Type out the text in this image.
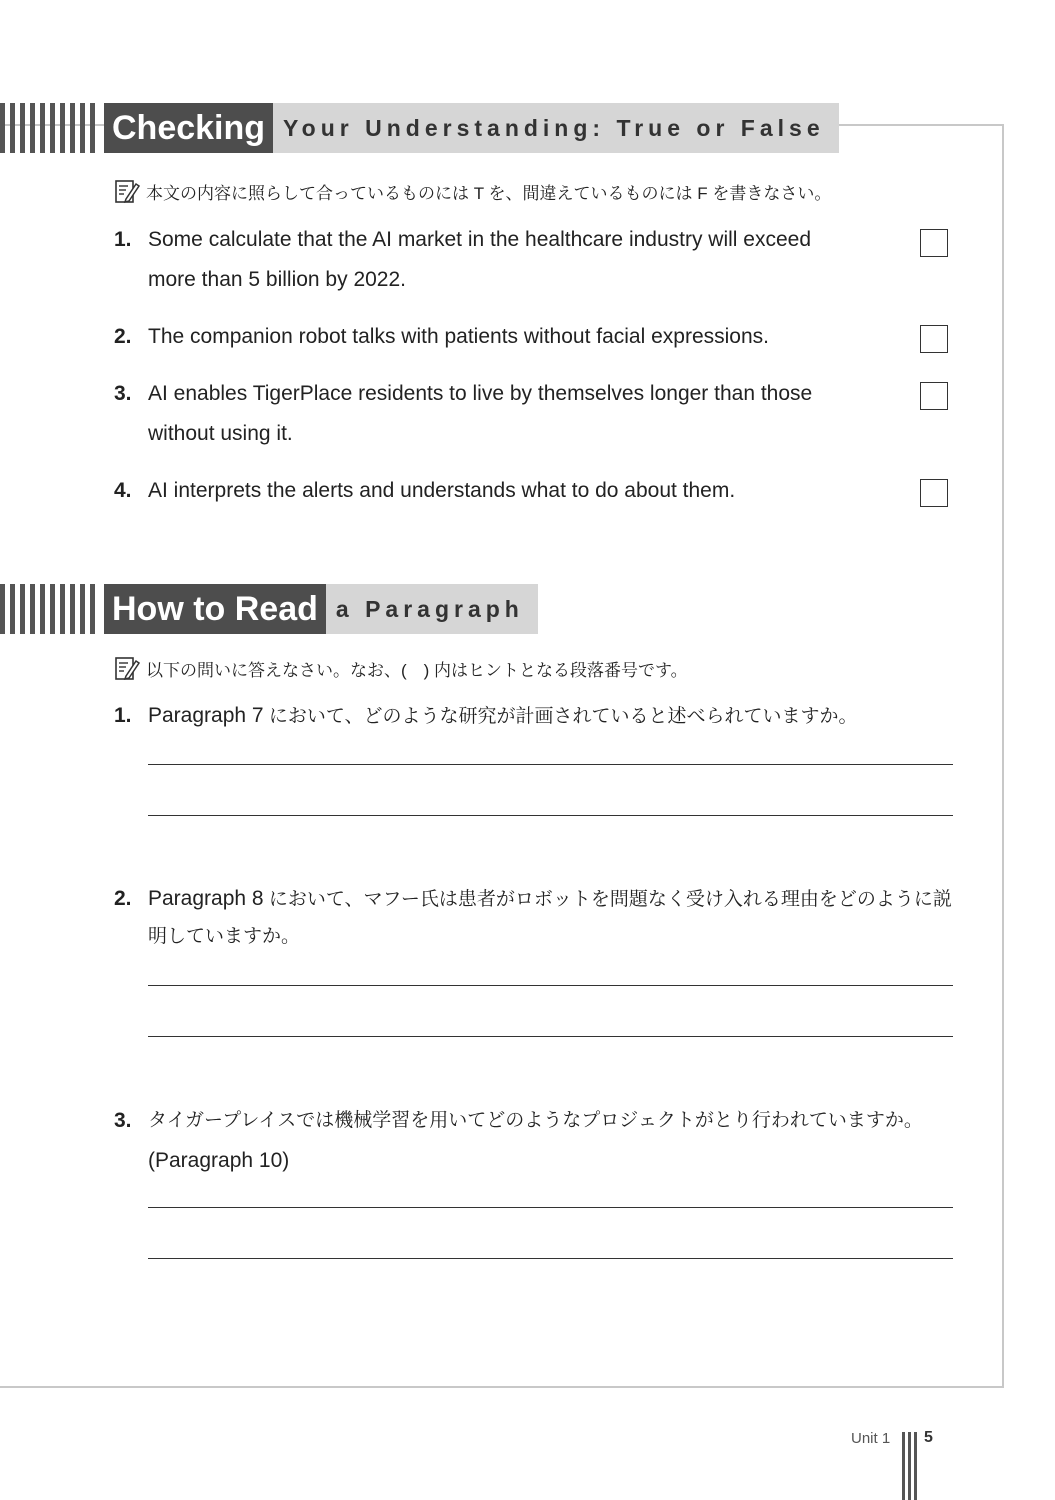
Checking Your Understanding: True or False
本文の内容に照らして合っているものには T を、間違えているものには F を書きなさい。
1. Some calculate that the AI market in the healthcare industry will exceed
more than 5 billion by 2022.
2. The companion robot talks with patients without facial expressions.
3. AI enables TigerPlace residents to live by themselves longer than those
without using it.
4. AI interprets the alerts and understands what to do about them.
How to Read a Paragraph
以下の問いに答えなさい。なお、(　) 内はヒントとなる段落番号です。
1. Paragraph 7 において、どのような研究が計画されていると述べられていますか。
2. Paragraph 8 において、マフー氏は患者がロボットを問題なく受け入れる理由をどのように説
明していますか。
3. タイガープレイスでは機械学習を用いてどのようなプロジェクトがとり行われていますか。
(Paragraph 10)
Unit 1 5
